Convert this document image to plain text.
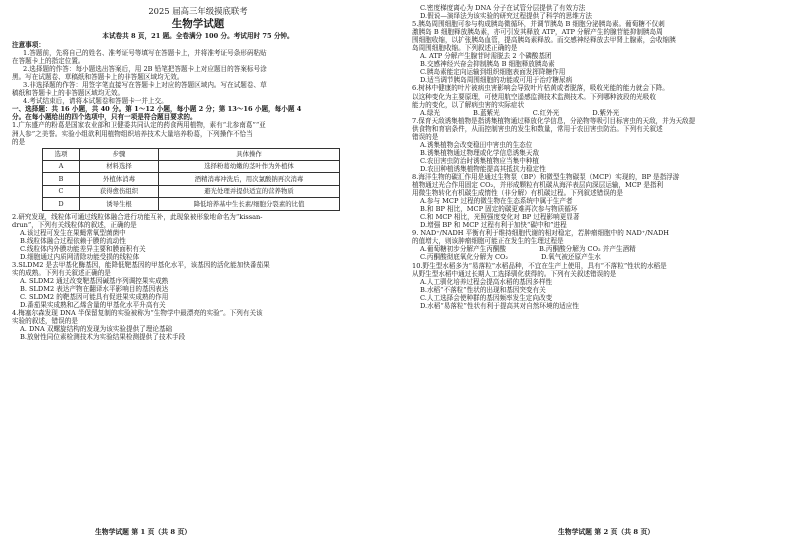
2025 届高三年级摸底联考
生物学试题
本试卷共 8 页，21 题。全卷满分 100 分。考试用时 75 分钟。
注意事项：
1.答题前，先将自己的姓名、准考证号等填写在答题卡上，并将准考证号条形码粘贴
在答题卡上的指定位置。
2.选择题的作答：每小题选出答案后，用 2B 铅笔把答题卡上对应题目的答案标号涂
黑。写在试题卷、草稿纸和答题卡上的非答题区域均无效。
3.非选择题的作答：用签字笔直接写在答题卡上对应的答题区域内。写在试题卷、草
稿纸和答题卡上的非答题区域均无效。
4.考试结束后，请将本试题卷和答题卡一并上交。
一、选择题：共 16 小题，共 40 分。第 1～12 小题，每小题 2 分；第 13～16 小题，每小题 4
分。在每小题给出的四个选项中，只有一项是符合题目要求的。
1.广东盛产的粉葛是国家农业部和卫健委共同认定的药食两用植物，素有“北参南葛”“亚
洲人参”之美誉。实验小组欲利用植物组织培养技术大量培养粉葛，下列操作不恰当
的是
选项	步骤	具体操作
A	材料选择	选择粉葛幼嫩的茎叶作为外植体
B	外植体消毒	酒精消毒冲洗后，用次氯酸钠再次消毒
C	获得愈伤组织	避光处理并提供适宜的营养物质
D	诱导生根	降低培养基中生长素/细胞分裂素的比值
2.研究发现，线粒体可通过线粒体融合进行功能互补，此现象被形象地命名为“kissan-
drun”，下列有关线粒体的叙述，正确的是
A.该过程可发生在果蝇常氧型菌菌中
B.线粒体融合过程依赖于膜的流动性
C.线粒体内外膜功能差异主要和膜面积有关
D.细胞通过内质网清除功能受损的线粒体
3.SLDM2 是去甲基化酶基因，能降低靶基因的甲基化水平，该基因的活化能加快番茄果
实的成熟。下列有关叙述正确的是
A. SLDM2 通过改变靶基因碱基序列调控果实成熟
B. SLDM2 表达产物在翻译水平影响目的基因表达
C. SLDM2 的靶基因可能具有促进果实成熟的作用
D.番茄果实成熟和乙烯含量的甲基化水平升高有关
4.梅塞尔森发现 DNA 半保留复制的实验被称为“生物学中最漂亮的实验”。下列有关该
实验的叙述，错误的是
A. DNA 双螺旋结构的发现为该实验提供了理论基础
B.放射性同位素检测技术为实验结果检测提供了技术手段
C.密度梯度离心为 DNA 分子在试管分层提供了有效方法
D.假说—演绎法为该实验的研究过程提供了科学的思维方法
5.胰岛周围细胞可参与构成胰岛微循环，并调节胰岛 B 细胞分泌胰岛素。葡萄糖不仅刺
激胰岛 B 细胞释放胰岛素，亦可引发其释放 ATP，ATP 分解产生的腺苷能抑制胰岛周
围细胞收缩，以扩张胰岛血管，提高胰岛素释放。而交感神经释放去甲肾上腺素，会收缩胰
岛周围细胞收缩。下列叙述正确的是
A. ATP 分解产生腺苷时需脱去 2 个磷酸基团
B.交感神经兴奋会抑制胰岛 B 细胞释放胰岛素
C.胰岛素能定向运输到组织细胞表面发挥降糖作用
D.适当调节胰岛周围细胞的功能或可用于治疗糖尿病
6.树林中健康的叶片被病虫害影响会导致叶片枯黄或者脱落，吸收光能的能力就会下降。
以这种变化为主要原理，可使用航空遥感监测技术监测技术。下列哪种波段的光吸收
能力的变化，以了解病虫害的实际症状
A.绿光　　　　　B.蓝紫光　　　　　C.红外光　　　　　D.紫外光
7.保育天敌诱集植物是指诱集植物通过释放化学信息，分泌物等吸引目标害虫的天敌，并为天敌提
供食物和育宿条件，从而控制害虫的发生和数量，常用于农田害虫防治。下列有关叙述
错误的是
A.诱集植物会改变稳田中害虫的生态位
B.诱集植物通过物理或化学信息诱集天敌
C.农田害虫防治时诱集植物应当集中种植
D.农田种植诱集植物能提高其抵抗力稳定性
8.海洋生物的碳汇作用是通过生物泵（BP）和微型生物碳泵（MCP）实现的，BP 是指浮游
植物通过光合作用固定 CO₂，并形成颗粒有机碳从海洋表层向深层运输，MCP 是指利
用微生物转化有机碳生成惰性（非分解）有机碳过程。下列叙述错误的是
A.参与 MCP 过程的微生物在生态系统中属于生产者
B.和 BP 相比，MCP 固定的碳更难再次参与物质循环
C.和 MCP 相比，光照强度变化对 BP 过程影响更显著
D.增强 BP 和 MCP 过程有利于加快“碳中和”进程
9. NAD⁺/NADH 平衡有利于维持细胞代谢的相对稳定，若肿瘤细胞中的 NAD⁺/NADH
的值增大，则该肿瘤细胞可能正在发生的生理过程是
A.葡萄糖初步分解产生丙酮酸　　　　　B.丙酮酸分解为 CO₂ 并产生酒精
C.丙酮酸彻底氧化分解为 CO₂　　　　　D.氧气被还原产生水
10.野生型水稻多为“易落粒”水稻品种，不宜在生产上使用，具有“不落粒”性状的水稻是
从野生型水稻中通过长期人工选择驯化获得的。下列有关叙述错误的是
A.人工驯化培养过程会提高水稻的基因多样性
B.水稻“不落粒”性状的出现和基因突变有关
C.人工选择会使种群的基因频率发生定向改变
D.水稻“易落粒”性状有利于提高其对自然环境的适应性
生物学试题 第 1 页（共 8 页）	生物学试题 第 2 页（共 8 页）
